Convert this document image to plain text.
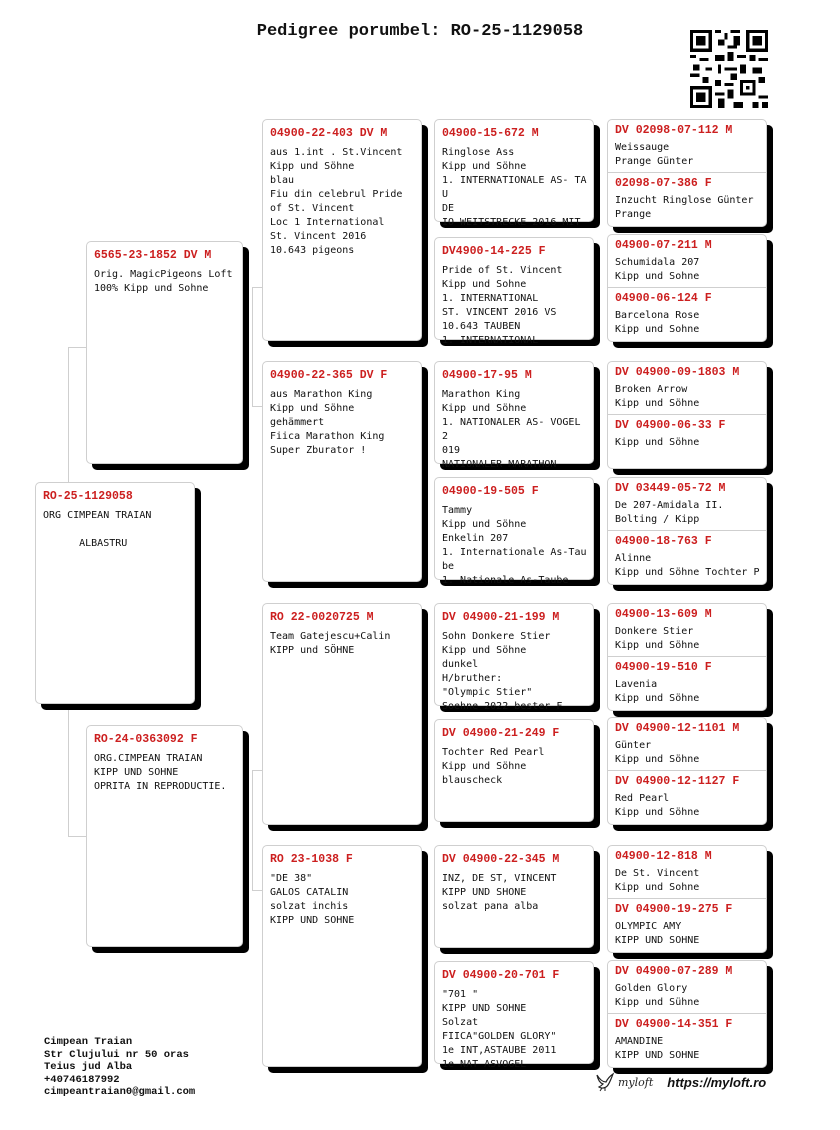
Pedigree porumbel: RO-25-1129058
RO-25-1129058
ORG CIMPEAN TRAIAN

ALBASTRU
6565-23-1852 DV M
Orig. MagicPigeons Loft
100% Kipp und Sohne
RO-24-0363092 F
ORG.CIMPEAN TRAIAN
KIPP UND SOHNE
OPRITA IN REPRODUCTIE.
04900-22-403 DV M
aus 1.int . St.Vincent
Kipp und Söhne
blau
Fiu din celebrul Pride
of St. Vincent
Loc 1 International
St. Vincent 2016
10.643 pigeons
04900-22-365 DV F
aus Marathon King
Kipp und Söhne
gehämmert
Fiica Marathon King
Super Zburator !
RO 22-0020725 M
Team Gatejescu+Calin
KIPP und SÖHNE
RO 23-1038 F
"DE 38"
GALOS CATALIN
solzat inchis
KIPP UND SOHNE
04900-15-672 M
Ringlose Ass
Kipp und Söhne
1. INTERNATIONALE AS- TA
U
DE
IO WEITSTRECKE 2016 MIT
DV4900-14-225 F
Pride of St. Vincent
Kipp und Sohne
1. INTERNATIONAL
ST. VINCENT 2016 VS
10.643 TAUBEN
1. INTERNATIONAL
04900-17-95 M
Marathon King
Kipp und Söhne
1. NATIONALER AS- VOGEL
2
019
NATIONALER MARATHON
04900-19-505 F
Tammy
Kipp und Söhne
Enkelin 207
1. Internationale As-Tau
be
1. Nationale As-Taube
DV 04900-21-199 M
Sohn Donkere Stier
Kipp und Söhne
dunkel
H/bruther:
"Olympic Stier"
Soehne 2022 bester F
DV 04900-21-249 F
Tochter Red Pearl
Kipp und Söhne
blauscheck
DV 04900-22-345 M
INZ, DE ST, VINCENT
KIPP UND SHONE
solzat pana alba
DV 04900-20-701 F
"701 "
KIPP UND SOHNE
Solzat
FIICA"GOLDEN GLORY"
1e INT,ASTAUBE 2011
1e NAT ASVOGEL
DV 02098-07-112 M
Weissauge
Prange Günter
02098-07-386 F
Inzucht Ringlose Günter
Prange
04900-07-211 M
Schumidala 207
Kipp und Sohne
04900-06-124 F
Barcelona Rose
Kipp und Sohne
DV 04900-09-1803 M
Broken Arrow
Kipp und Söhne
DV 04900-06-33 F
Kipp und Söhne
DV 03449-05-72 M
De 207-Amidala II.
Bolting / Kipp
04900-18-763 F
Alinne
Kipp und Söhne Tochter P
04900-13-609 M
Donkere Stier
Kipp und Söhne
04900-19-510 F
Lavenia
Kipp und Söhne
DV 04900-12-1101 M
Günter
Kipp und Söhne
DV 04900-12-1127 F
Red Pearl
Kipp und Söhne
04900-12-818 M
De St. Vincent
Kipp und Sohne
DV 04900-19-275 F
OLYMPIC AMY
KIPP UND SOHNE
DV 04900-07-289 M
Golden Glory
Kipp und Sühne
DV 04900-14-351 F
AMANDINE
KIPP UND SOHNE
Cimpean Traian
Str Clujului nr 50 oras
Teius jud Alba
+40746187992
cimpeantraian0@gmail.com
myloft https://myloft.ro
